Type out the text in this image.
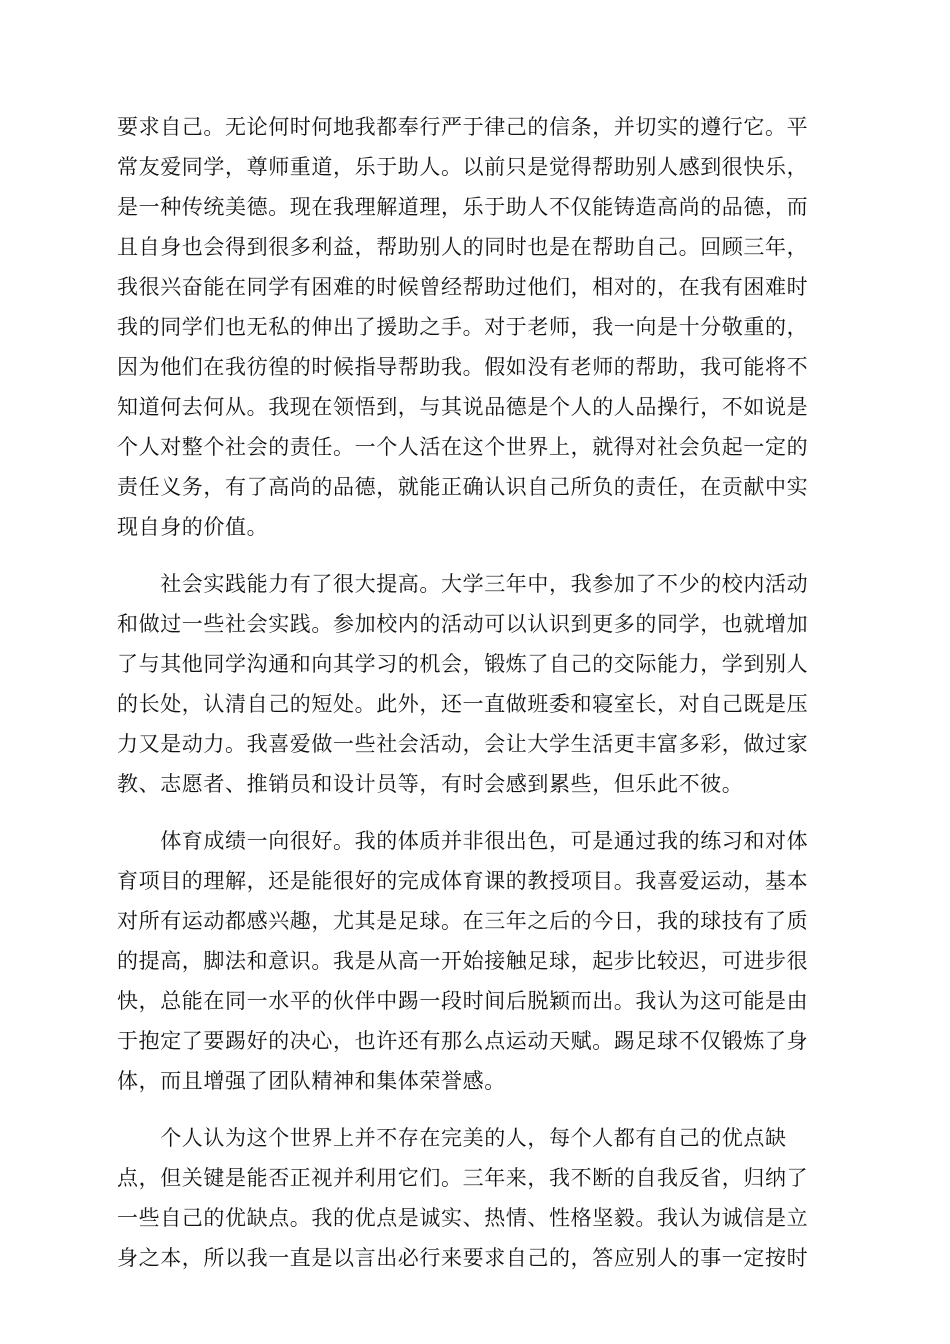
要求自己。无论何时何地我都奉行严于律己的信条，并切实的遵行它。平
常友爱同学，尊师重道，乐于助人。以前只是觉得帮助别人感到很快乐，
是一种传统美德。现在我理解道理，乐于助人不仅能铸造高尚的品德，而
且自身也会得到很多利益，帮助别人的同时也是在帮助自己。回顾三年，
我很兴奋能在同学有困难的时候曾经帮助过他们，相对的，在我有困难时
我的同学们也无私的伸出了援助之手。对于老师，我一向是十分敬重的，
因为他们在我彷徨的时候指导帮助我。假如没有老师的帮助，我可能将不
知道何去何从。我现在领悟到，与其说品德是个人的人品操行，不如说是
个人对整个社会的责任。一个人活在这个世界上，就得对社会负起一定的
责任义务，有了高尚的品德，就能正确认识自己所负的责任，在贡献中实
现自身的价值。
　　社会实践能力有了很大提高。大学三年中，我参加了不少的校内活动
和做过一些社会实践。参加校内的活动可以认识到更多的同学，也就增加
了与其他同学沟通和向其学习的机会，锻炼了自己的交际能力，学到别人
的长处，认清自己的短处。此外，还一直做班委和寝室长，对自己既是压
力又是动力。我喜爱做一些社会活动，会让大学生活更丰富多彩，做过家
教、志愿者、推销员和设计员等，有时会感到累些，但乐此不彼。
　　体育成绩一向很好。我的体质并非很出色，可是通过我的练习和对体
育项目的理解，还是能很好的完成体育课的教授项目。我喜爱运动，基本
对所有运动都感兴趣，尤其是足球。在三年之后的今日，我的球技有了质
的提高，脚法和意识。我是从高一开始接触足球，起步比较迟，可进步很
快，总能在同一水平的伙伴中踢一段时间后脱颖而出。我认为这可能是由
于抱定了要踢好的决心，也许还有那么点运动天赋。踢足球不仅锻炼了身
体，而且增强了团队精神和集体荣誉感。
　　个人认为这个世界上并不存在完美的人，每个人都有自己的优点缺
点，但关键是能否正视并利用它们。三年来，我不断的自我反省，归纳了
一些自己的优缺点。我的优点是诚实、热情、性格坚毅。我认为诚信是立
身之本，所以我一直是以言出必行来要求自己的，答应别人的事一定按时
